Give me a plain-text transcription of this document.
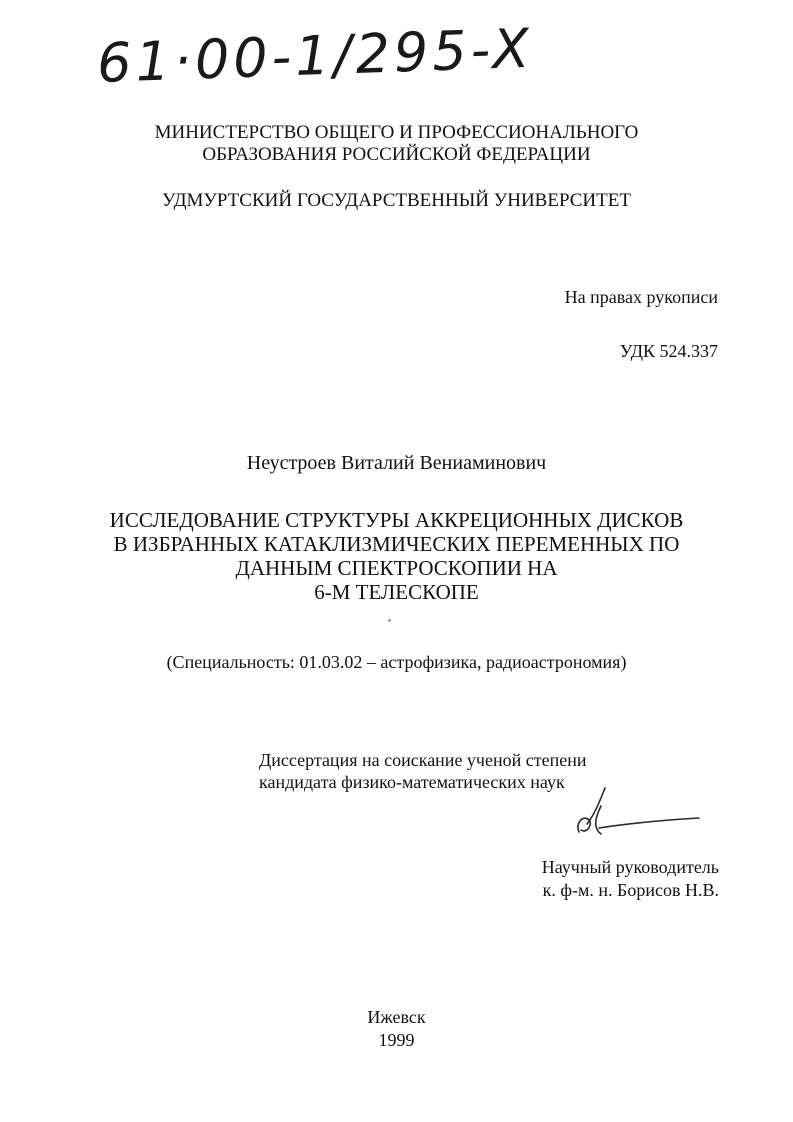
61·00-1/295-X
МИНИСТЕРСТВО ОБЩЕГО И ПРОФЕССИОНАЛЬНОГО
ОБРАЗОВАНИЯ РОССИЙСКОЙ ФЕДЕРАЦИИ
УДМУРТСКИЙ ГОСУДАРСТВЕННЫЙ УНИВЕРСИТЕТ
На правах рукописи
УДК 524.337
Неустроев Виталий Вениаминович
ИССЛЕДОВАНИЕ СТРУКТУРЫ АККРЕЦИОННЫХ ДИСКОВ
В ИЗБРАННЫХ КАТАКЛИЗМИЧЕСКИХ ПЕРЕМЕННЫХ ПО
ДАННЫМ СПЕКТРОСКОПИИ НА
6-М ТЕЛЕСКОПЕ
(Специальность: 01.03.02 – астрофизика, радиоастрономия)
Диссертация на соискание ученой степени
кандидата физико-математических наук
Научный руководитель
к. ф-м. н. Борисов Н.В.
Ижевск
1999
